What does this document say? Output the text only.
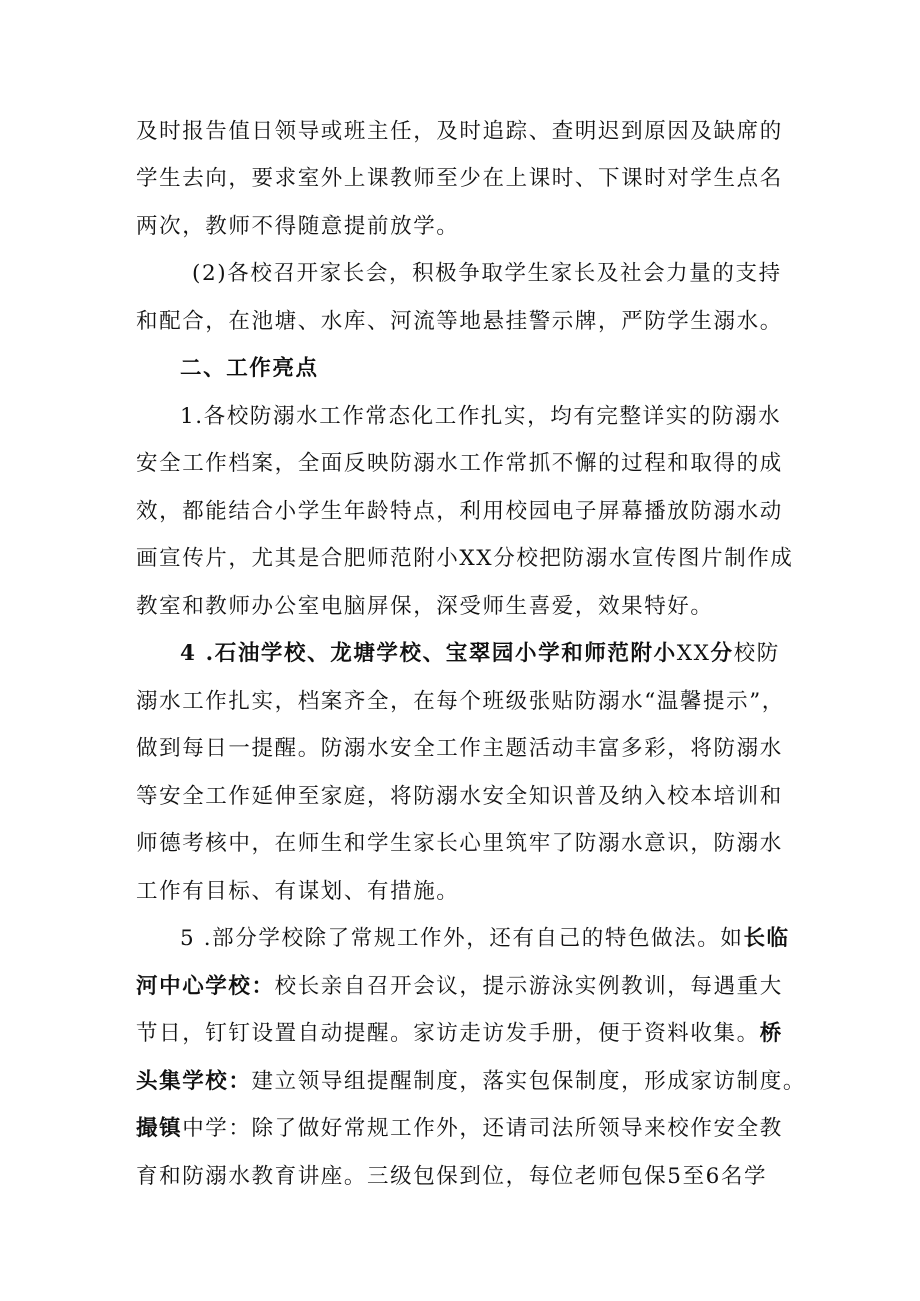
及时报告值日领导或班主任，及时追踪、查明迟到原因及缺席的
学生去向，要求室外上课教师至少在上课时、下课时对学生点名
两次，教师不得随意提前放学。
(2)各校召开家长会，积极争取学生家长及社会力量的支持
和配合，在池塘、水库、河流等地悬挂警示牌，严防学生溺水。
二、工作亮点
1.各校防溺水工作常态化工作扎实，均有完整详实的防溺水
安全工作档案，全面反映防溺水工作常抓不懈的过程和取得的成
效，都能结合小学生年龄特点，利用校园电子屏幕播放防溺水动
画宣传片，尤其是合肥师范附小XX分校把防溺水宣传图片制作成
教室和教师办公室电脑屏保，深受师生喜爱，效果特好。
4 .石油学校、龙塘学校、宝翠园小学和师范附小XX分校防
溺水工作扎实，档案齐全，在每个班级张贴防溺水“温馨提示”，
做到每日一提醒。防溺水安全工作主题活动丰富多彩，将防溺水
等安全工作延伸至家庭，将防溺水安全知识普及纳入校本培训和
师德考核中，在师生和学生家长心里筑牢了防溺水意识，防溺水
工作有目标、有谋划、有措施。
5 .部分学校除了常规工作外，还有自己的特色做法。如长临
河中心学校：校长亲自召开会议，提示游泳实例教训，每遇重大
节日，钉钉设置自动提醒。家访走访发手册，便于资料收集。桥
头集学校：建立领导组提醒制度，落实包保制度，形成家访制度。
撮镇中学：除了做好常规工作外，还请司法所领导来校作安全教
育和防溺水教育讲座。三级包保到位，每位老师包保5至6名学
